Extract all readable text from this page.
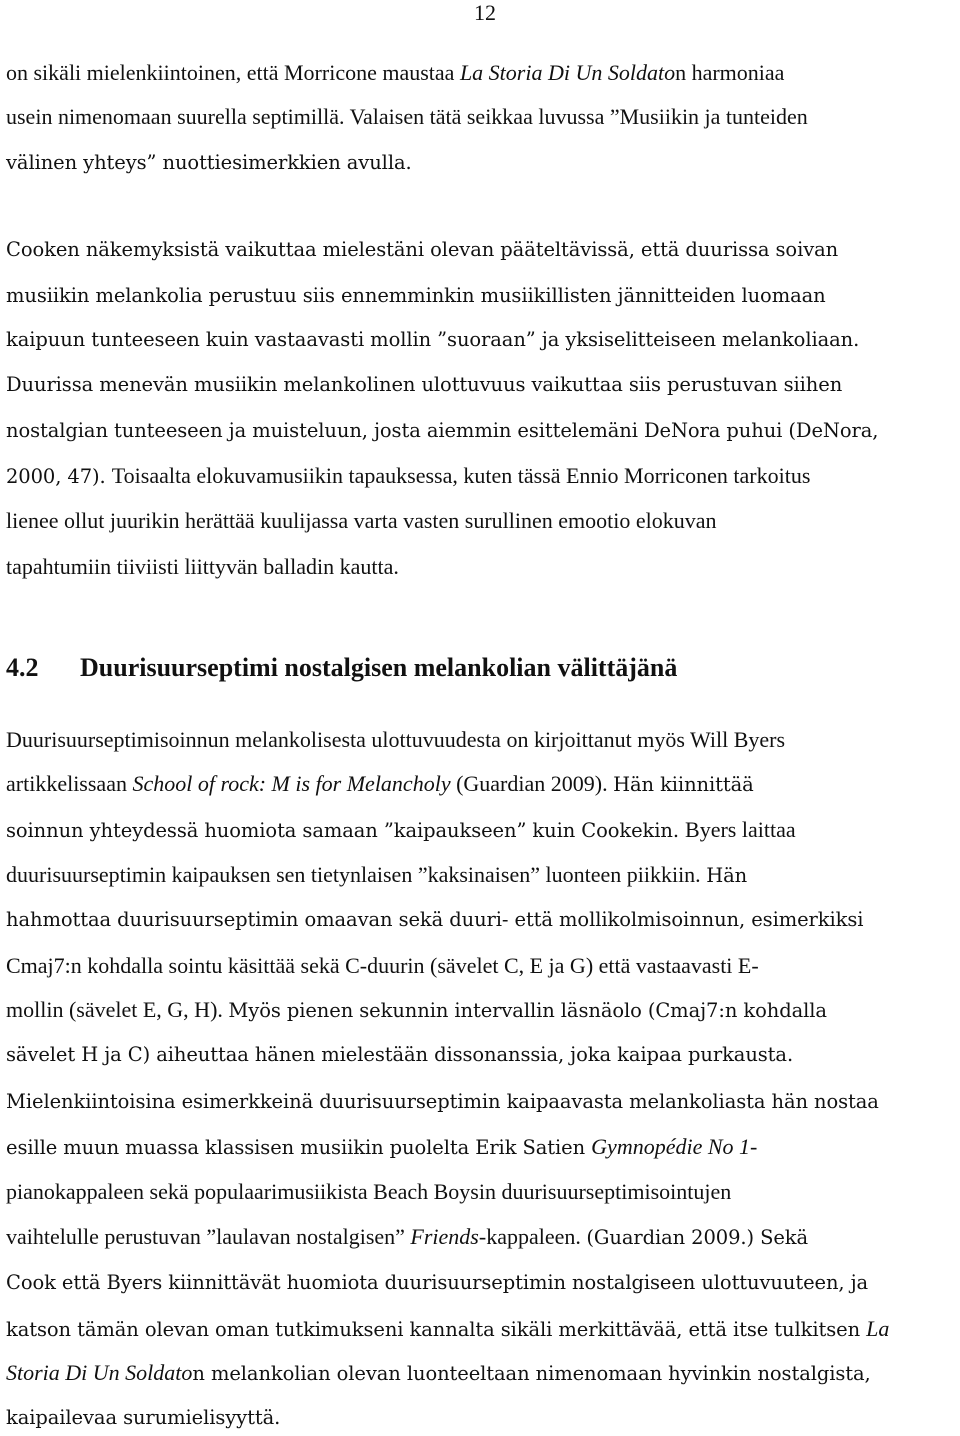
12
on sikäli mielenkiintoinen, että Morricone maustaa La Storia Di Un Soldaton harmoniaa
usein nimenomaan suurella septimillä. Valaisen tätä seikkaa luvussa ”Musiikin ja tunteiden
välinen yhteys” nuottiesimerkkien avulla.
Cooken näkemyksistä vaikuttaa mielestäni olevan pääteltävissä, että duurissa soivan
musiikin melankolia perustuu siis ennemminkin musiikillisten jännitteiden luomaan
kaipuun tunteeseen kuin vastaavasti mollin ”suoraan” ja yksiselitteiseen melankoliaan.
Duurissa menevän musiikin melankolinen ulottuvuus vaikuttaa siis perustuvan siihen
nostalgian tunteeseen ja muisteluun, josta aiemmin esittelemäni DeNora puhui (DeNora,
2000, 47). Toisaalta elokuvamusiikin tapauksessa, kuten tässä Ennio Morriconen tarkoitus
lienee ollut juurikin herättää kuulijassa varta vasten surullinen emootio elokuvan
tapahtumiin tiiviisti liittyvän balladin kautta.
4.2 Duurisuurseptimi nostalgisen melankolian välittäjänä
Duurisuurseptimisoinnun melankolisesta ulottuvuudesta on kirjoittanut myös Will Byers
artikkelissaan School of rock: M is for Melancholy (Guardian 2009). Hän kiinnittää
soinnun yhteydessä huomiota samaan ”kaipaukseen” kuin Cookekin. Byers laittaa
duurisuurseptimin kaipauksen sen tietynlaisen ”kaksinaisen” luonteen piikkiin. Hän
hahmottaa duurisuurseptimin omaavan sekä duuri- että mollikolmisoinnun, esimerkiksi
Cmaj7:n kohdalla sointu käsittää sekä C-duurin (sävelet C, E ja G) että vastaavasti E-
mollin (sävelet E, G, H). Myös pienen sekunnin intervallin läsnäolo (Cmaj7:n kohdalla
sävelet H ja C) aiheuttaa hänen mielestään dissonanssia, joka kaipaa purkausta.
Mielenkiintoisina esimerkkeinä duurisuurseptimin kaipaavasta melankoliasta hän nostaa
esille muun muassa klassisen musiikin puolelta Erik Satien Gymnopédie No 1-
pianokappaleen sekä populaarimusiikista Beach Boysin duurisuurseptimisointujen
vaihtelulle perustuvan ”laulavan nostalgisen” Friends-kappaleen. (Guardian 2009.) Sekä
Cook että Byers kiinnittävät huomiota duurisuurseptimin nostalgiseen ulottuvuuteen, ja
katson tämän olevan oman tutkimukseni kannalta sikäli merkittävää, että itse tulkitsen La
Storia Di Un Soldaton melankolian olevan luonteeltaan nimenomaan hyvinkin nostalgista,
kaipailevaa surumielisyyttä.
